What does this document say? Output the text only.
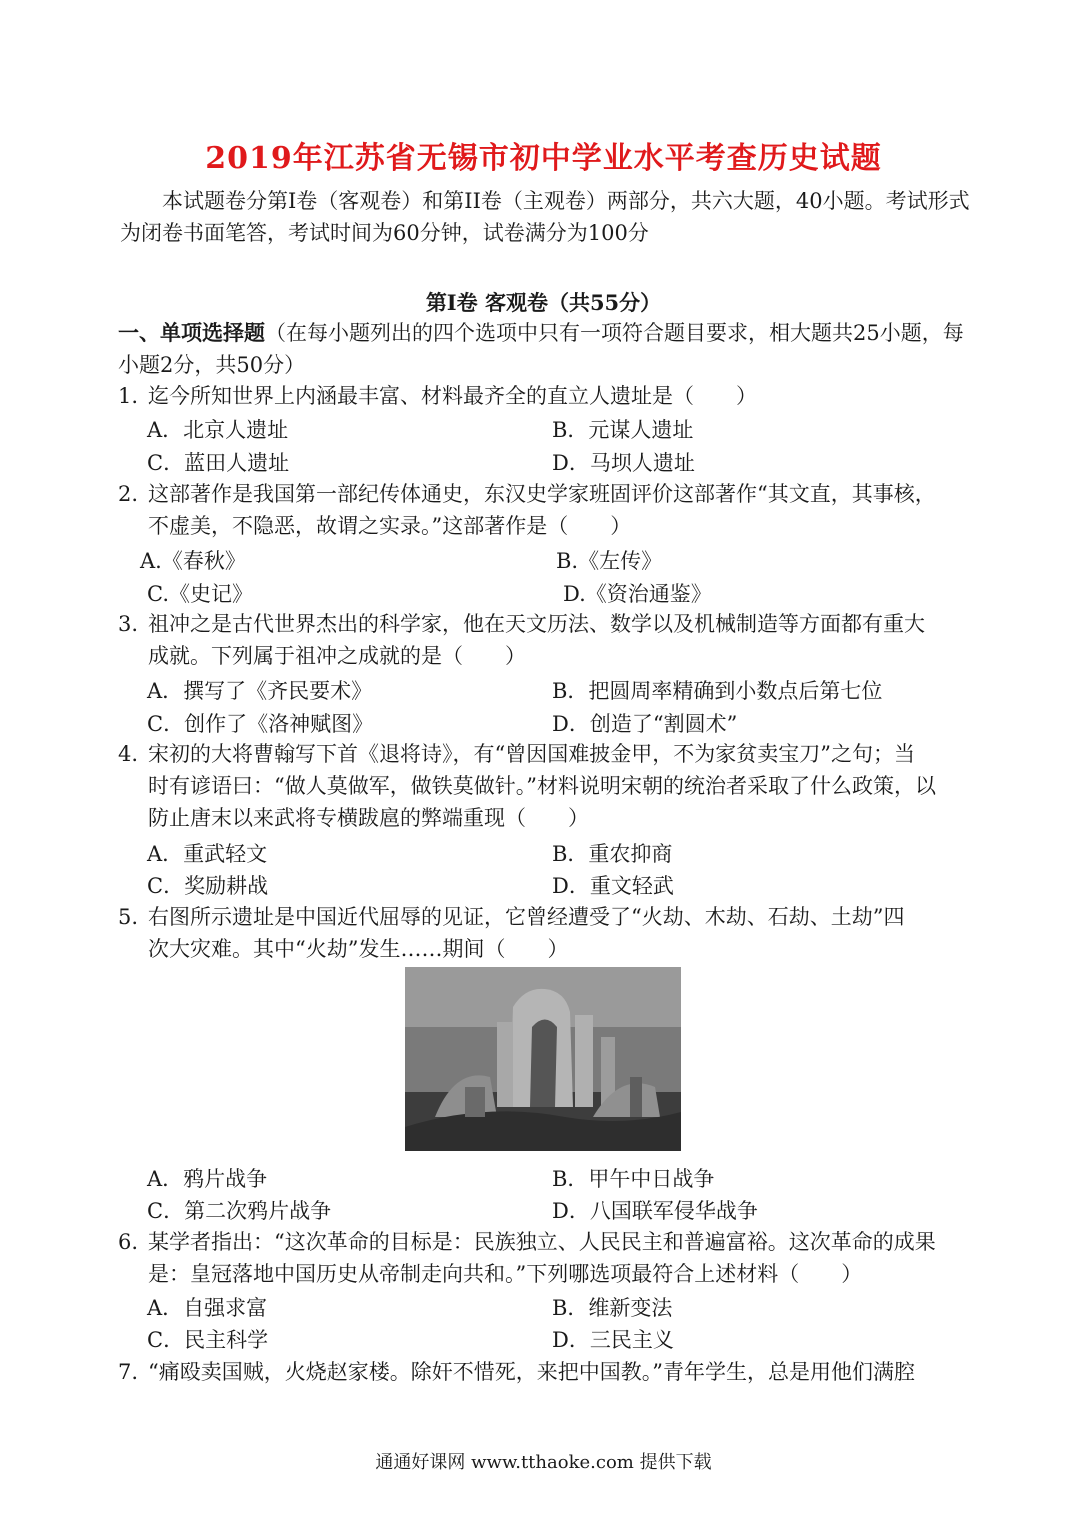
2019年江苏省无锡市初中学业水平考查历史试题
本试题卷分第Ⅰ卷（客观卷）和第II卷（主观卷）两部分，共六大题，40小题。考试形式为闭卷书面笔答，考试时间为60分钟，试卷满分为100分
第Ⅰ卷 客观卷（共55分）
一、单项选择题（在每小题列出的四个选项中只有一项符合题目要求，相大题共25小题，每小题2分，共50分）
1. 迄今所知世界上内涵最丰富、材料最齐全的直立人遗址是（　　）
A．北京人遗址	B．元谋人遗址
C．蓝田人遗址	D．马坝人遗址
2. 这部著作是我国第一部纪传体通史，东汉史学家班固评价这部著作“其文直，其事核，
不虚美，不隐恶，故谓之实录。”这部著作是（　　）
A.《春秋》	B.《左传》
C.《史记》	D.《资治通鉴》
3. 祖冲之是古代世界杰出的科学家，他在天文历法、数学以及机械制造等方面都有重大
成就。下列属于祖冲之成就的是（　　）
A．撰写了《齐民要术》	B．把圆周率精确到小数点后第七位
C．创作了《洛神赋图》	D．创造了“割圆术”
4. 宋初的大将曹翰写下首《退将诗》，有“曾因国难披金甲，不为家贫卖宝刀”之句；当
时有谚语曰：“做人莫做军，做铁莫做针。”材料说明宋朝的统治者采取了什么政策，以
防止唐末以来武将专横跋扈的弊端重现（　　）
A．重武轻文	B．重农抑商
C．奖励耕战	D．重文轻武
5. 右图所示遗址是中国近代屈辱的见证，它曾经遭受了“火劫、木劫、石劫、土劫”四
次大灾难。其中“火劫”发生……期间（　　）
A．鸦片战争	B．甲午中日战争
C．第二次鸦片战争	D．八国联军侵华战争
6. 某学者指出：“这次革命的目标是：民族独立、人民民主和普遍富裕。这次革命的成果
是：皇冠落地中国历史从帝制走向共和。”下列哪选项最符合上述材料（　　）
A．自强求富	B．维新变法
C．民主科学	D．三民主义
7. “痛殴卖国贼，火烧赵家楼。除奸不惜死，来把中国教。”青年学生，总是用他们满腔
通通好课网 www.tthaoke.com 提供下载
